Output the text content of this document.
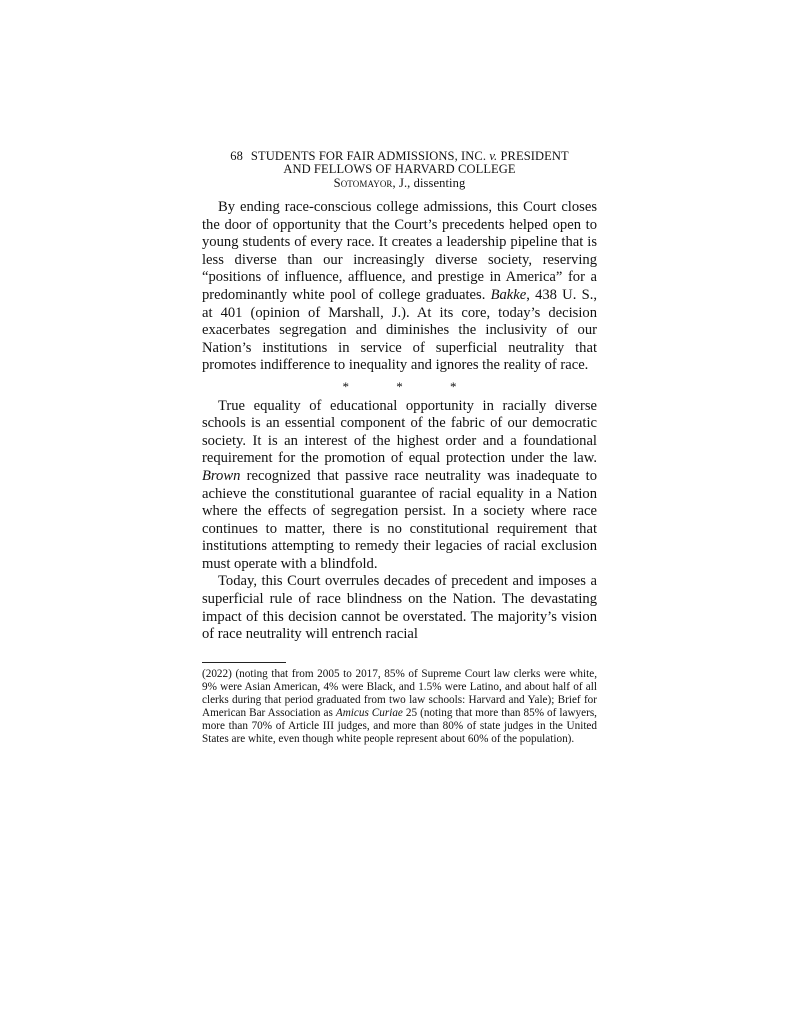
68 STUDENTS FOR FAIR ADMISSIONS, INC. v. PRESIDENT
AND FELLOWS OF HARVARD COLLEGE
Sotomayor, J., dissenting

By ending race-conscious college admissions, this Court closes the door of opportunity that the Court’s precedents helped open to young students of every race. It creates a leadership pipeline that is less diverse than our increasingly diverse society, reserving “positions of influence, affluence, and prestige in America” for a predominantly white pool of college graduates. Bakke, 438 U. S., at 401 (opinion of Marshall, J.). At its core, today’s decision exacerbates segregation and diminishes the inclusivity of our Nation’s institutions in service of superficial neutrality that promotes indifference to inequality and ignores the reality of race.

* * *

True equality of educational opportunity in racially diverse schools is an essential component of the fabric of our democratic society. It is an interest of the highest order and a foundational requirement for the promotion of equal protection under the law. Brown recognized that passive race neutrality was inadequate to achieve the constitutional guarantee of racial equality in a Nation where the effects of segregation persist. In a society where race continues to matter, there is no constitutional requirement that institutions attempting to remedy their legacies of racial exclusion must operate with a blindfold.

Today, this Court overrules decades of precedent and imposes a superficial rule of race blindness on the Nation. The devastating impact of this decision cannot be overstated. The majority’s vision of race neutrality will entrench racial

(2022) (noting that from 2005 to 2017, 85% of Supreme Court law clerks were white, 9% were Asian American, 4% were Black, and 1.5% were Latino, and about half of all clerks during that period graduated from two law schools: Harvard and Yale); Brief for American Bar Association as Amicus Curiae 25 (noting that more than 85% of lawyers, more than 70% of Article III judges, and more than 80% of state judges in the United States are white, even though white people represent about 60% of the population).
